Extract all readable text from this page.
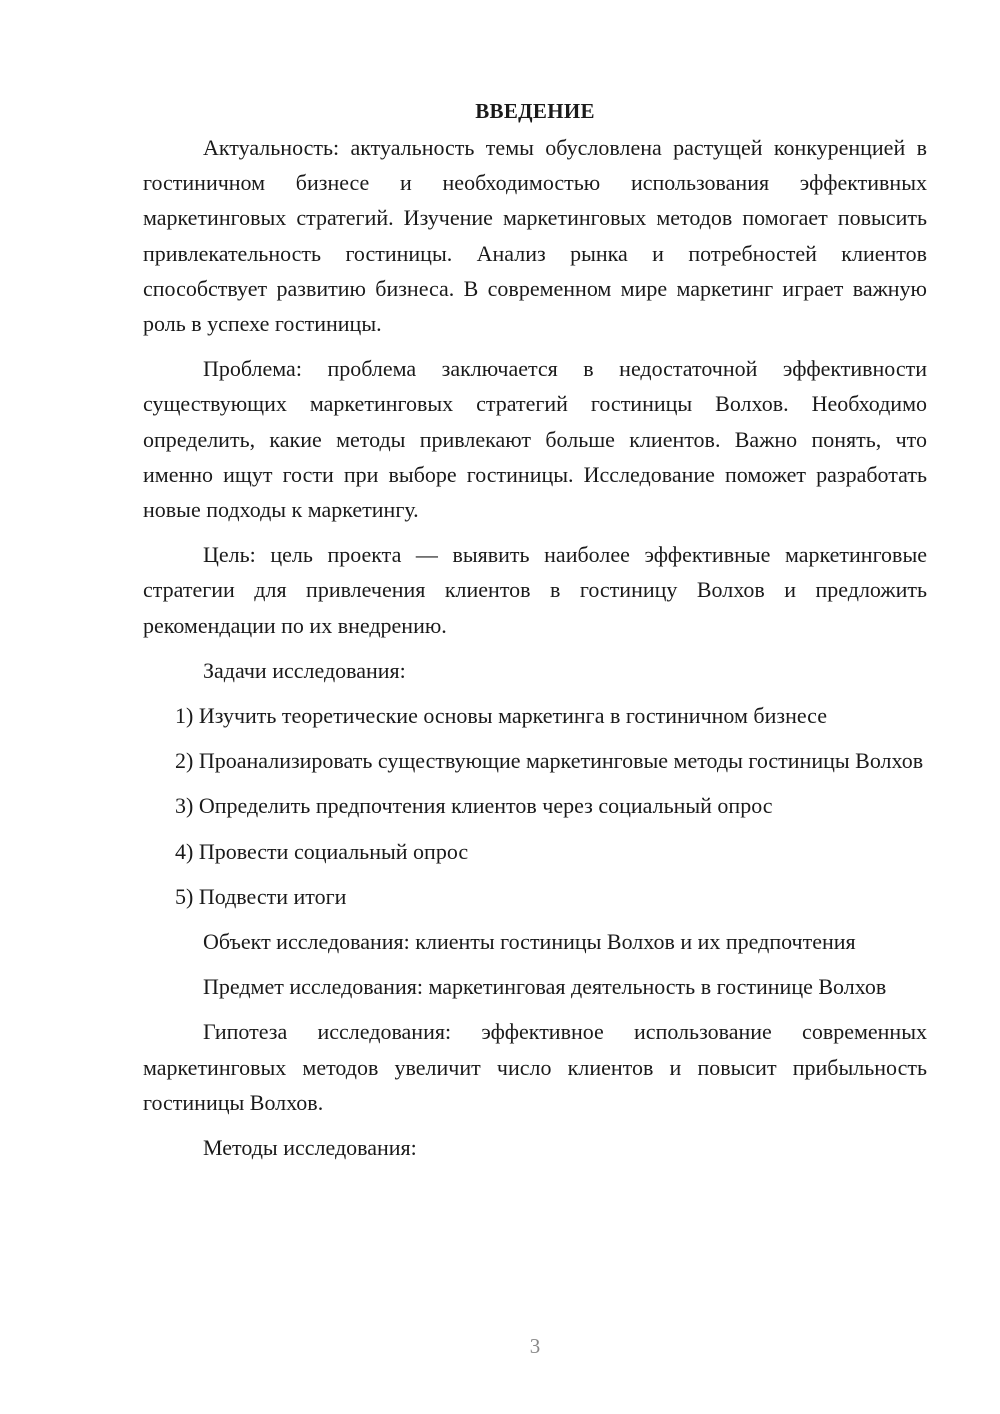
ВВЕДЕНИЕ

Актуальность: актуальность темы обусловлена растущей конкуренцией в гостиничном бизнесе и необходимостью использования эффективных маркетинговых стратегий. Изучение маркетинговых методов помогает повысить привлекательность гостиницы. Анализ рынка и потребностей клиентов способствует развитию бизнеса. В современном мире маркетинг играет важную роль в успехе гостиницы.

Проблема: проблема заключается в недостаточной эффективности существующих маркетинговых стратегий гостиницы Волхов. Необходимо определить, какие методы привлекают больше клиентов. Важно понять, что именно ищут гости при выборе гостиницы. Исследование поможет разработать новые подходы к маркетингу.

Цель: цель проекта — выявить наиболее эффективные маркетинговые стратегии для привлечения клиентов в гостиницу Волхов и предложить рекомендации по их внедрению.

Задачи исследования:

1) Изучить теоретические основы маркетинга в гостиничном бизнесе

2) Проанализировать существующие маркетинговые методы гостиницы Волхов

3) Определить предпочтения клиентов через социальный опрос

4) Провести социальный опрос

5) Подвести итоги

Объект исследования: клиенты гостиницы Волхов и их предпочтения

Предмет исследования: маркетинговая деятельность в гостинице Волхов

Гипотеза исследования: эффективное использование современных маркетинговых методов увеличит число клиентов и повысит прибыльность гостиницы Волхов.

Методы исследования:

3
